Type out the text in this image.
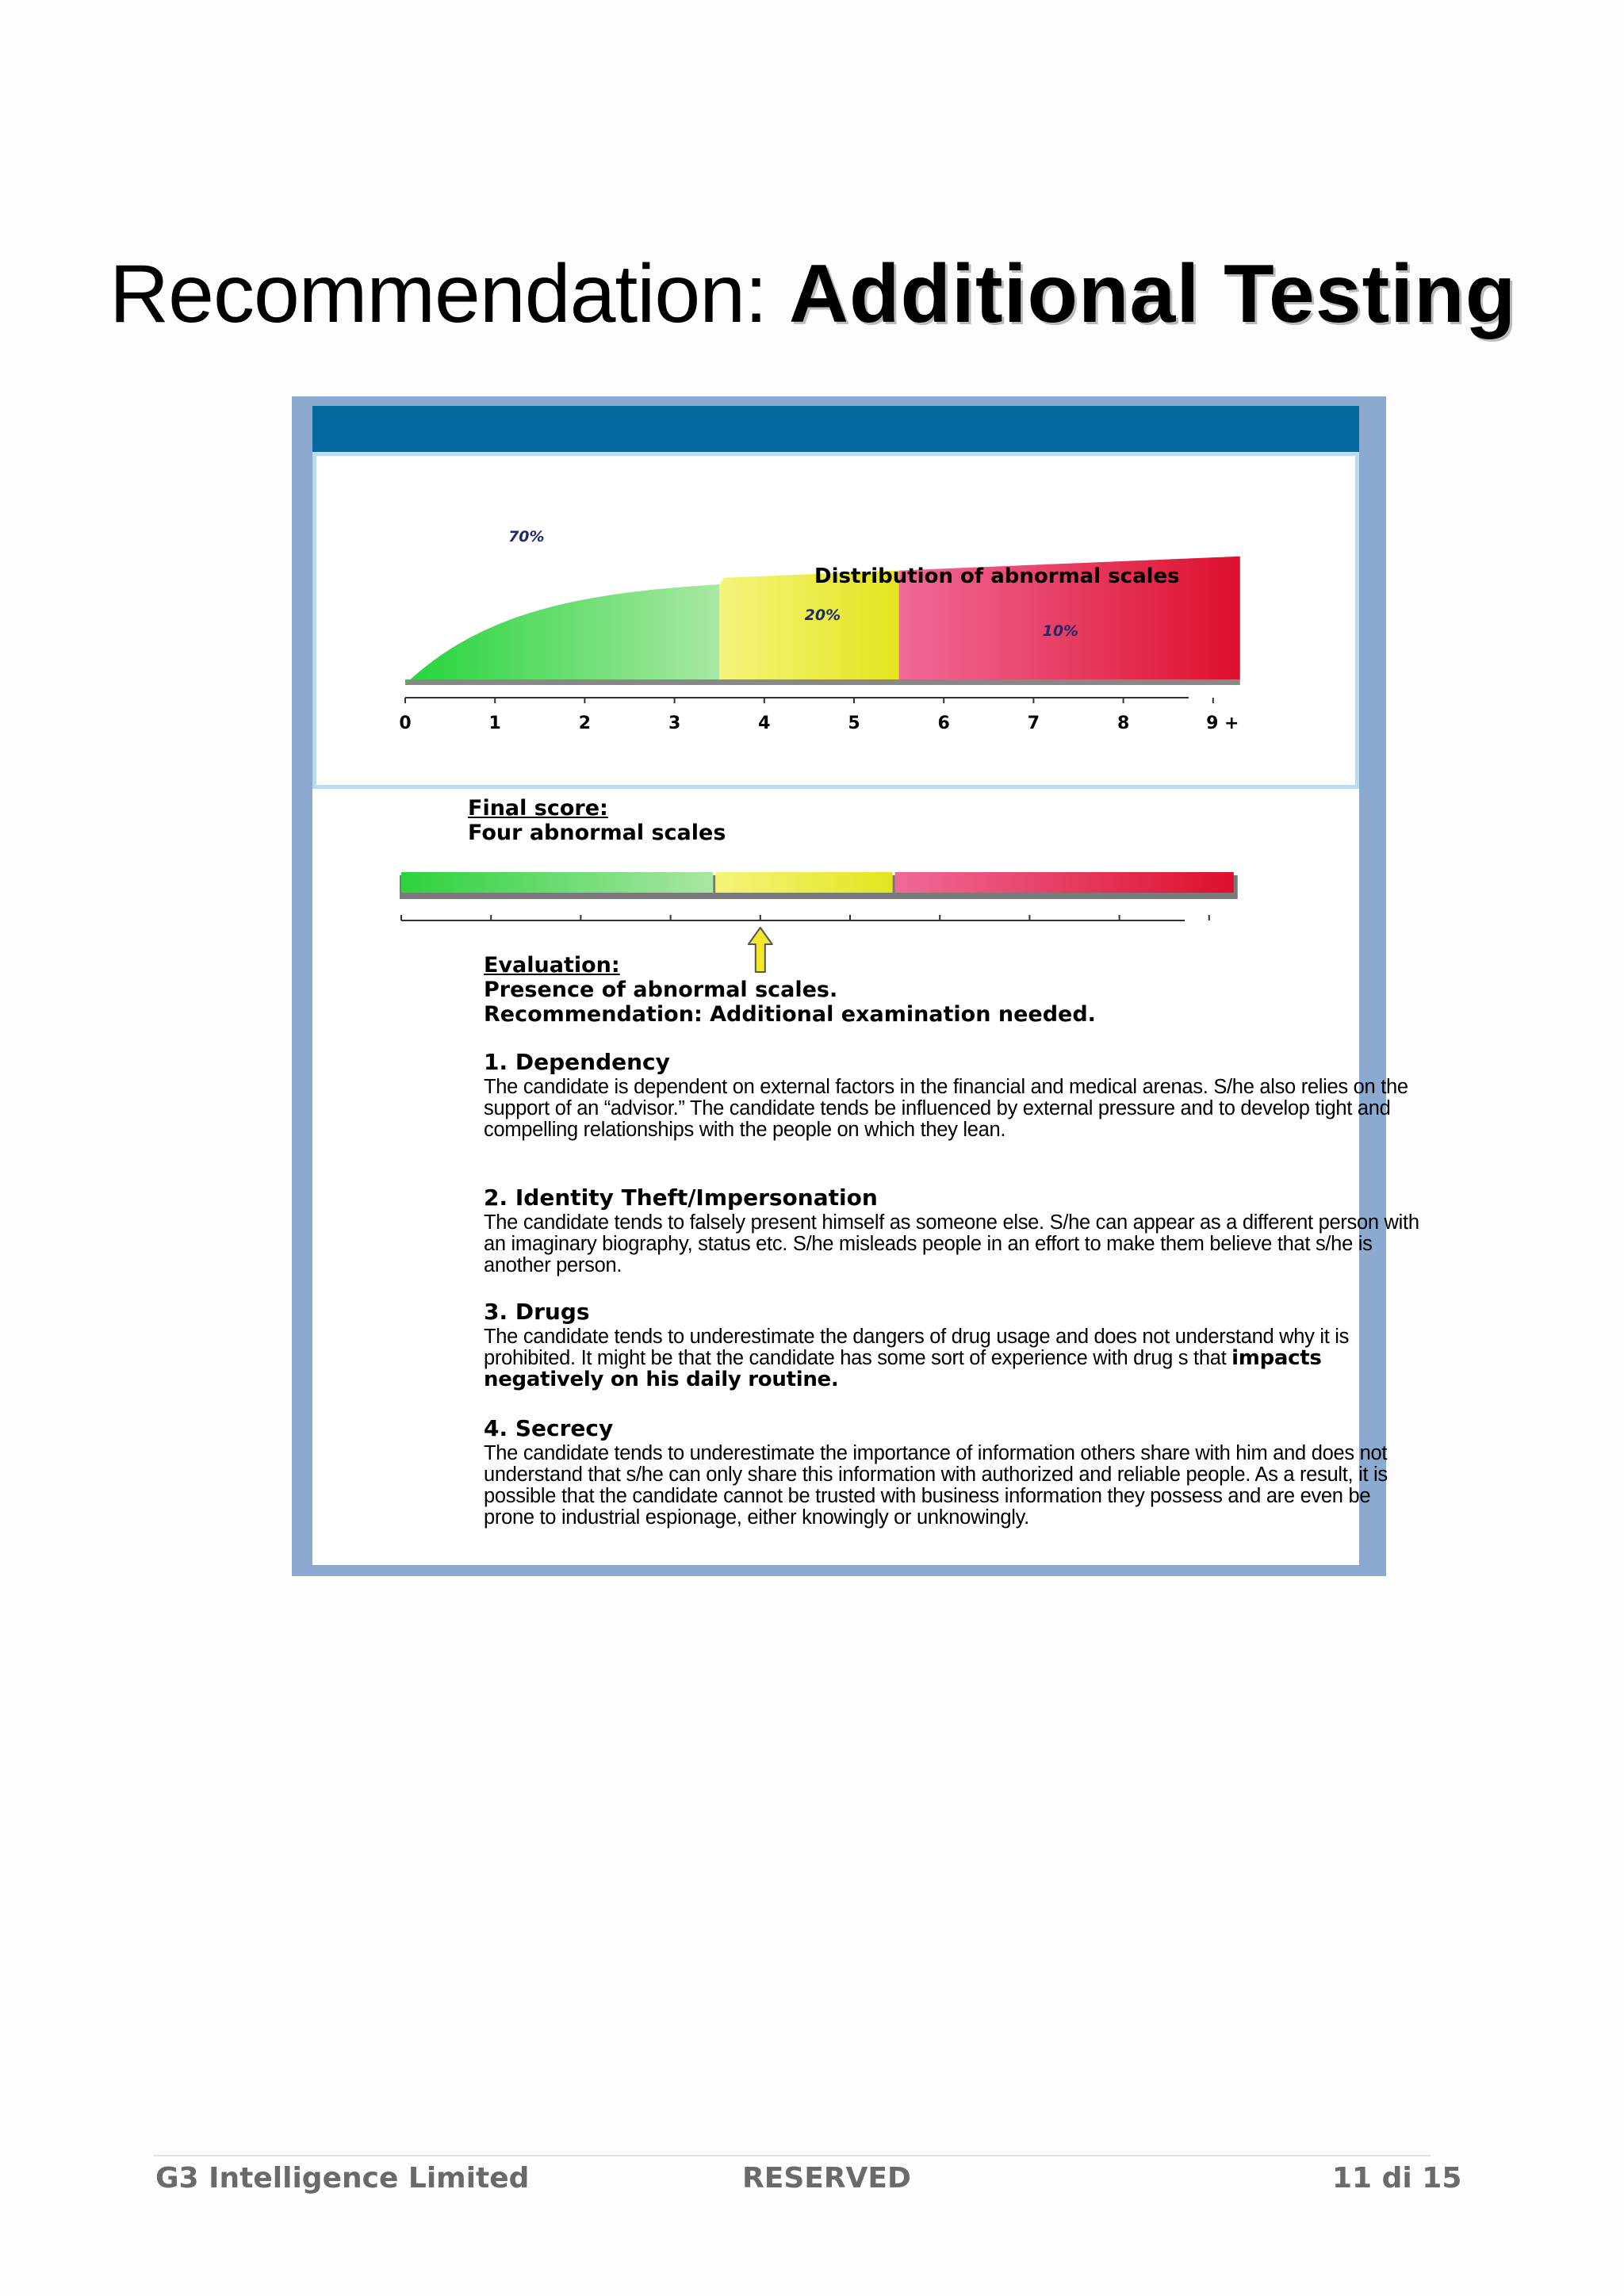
Recommendation: Additional Testing
0	1	2	3	4	5	6	7	8	9 +
70%
20%
10%
Distribution of abnormal scales
Final score:
Four abnormal scales
Evaluation:
Presence of abnormal scales.
Recommendation: Additional examination needed.

1. Dependency

The candidate is dependent on external factors in the financial and medical arenas. S/he also relies on the support of an “advisor.” The candidate tends be influenced by external pressure and to develop tight and compelling relationships with the people on which they lean.

2. Identity Theft/Impersonation

The candidate tends to falsely present himself as someone else. S/he can appear as a different person with an imaginary biography, status etc. S/he misleads people in an effort to make them believe that s/he is another person.

3. Drugs

The candidate tends to underestimate the dangers of drug usage and does not understand why it is prohibited. It might be that the candidate has some sort of experience with drug s that impacts negatively on his daily routine.

4. Secrecy

The candidate tends to underestimate the importance of information others share with him and does not understand that s/he can only share this information with authorized and reliable people. As a result, it is possible that the candidate cannot be trusted with business information they possess and are even be prone to industrial espionage, either knowingly or unknowingly.

G3 Intelligence Limited	RESERVED	11 di 15
